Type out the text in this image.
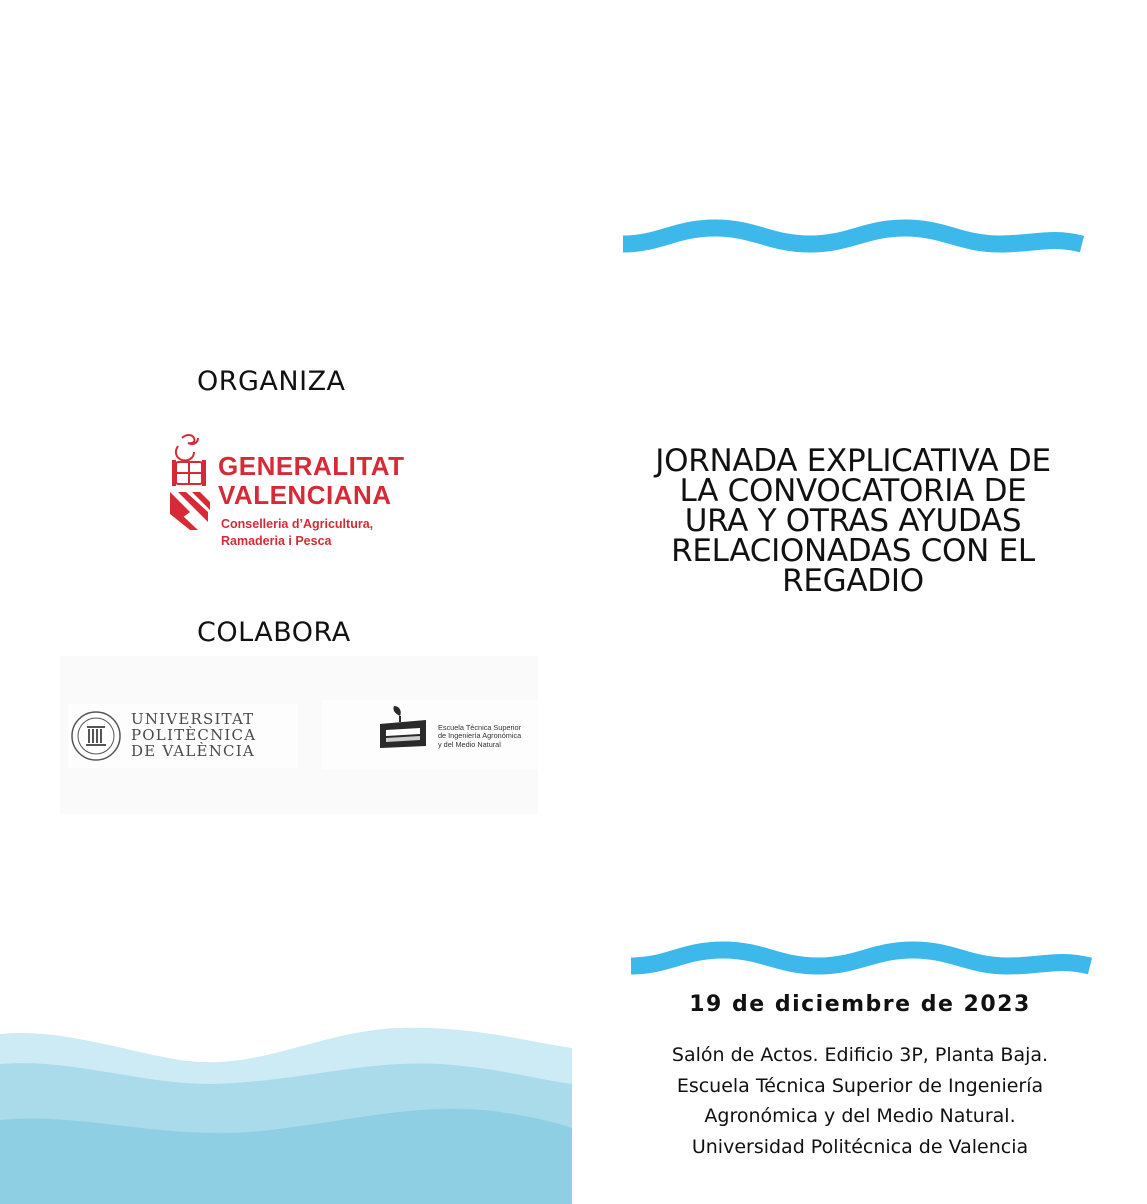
ORGANIZA
GENERALITAT
VALENCIANA
Conselleria d’Agricultura,
Ramaderia i Pesca
COLABORA
UNIVERSITAT
POLITÈCNICA
DE VALÈNCIA
Escuela Técnica Superior
de Ingeniería Agronómica
y del Medio Natural
JORNADA EXPLICATIVA DE
LA CONVOCATORIA DE
URA Y OTRAS AYUDAS
RELACIONADAS CON EL
REGADIO
19 de diciembre de 2023
Salón de Actos. Edificio 3P, Planta Baja.
Escuela Técnica Superior de Ingeniería
Agronómica y del Medio Natural.
Universidad Politécnica de Valencia
